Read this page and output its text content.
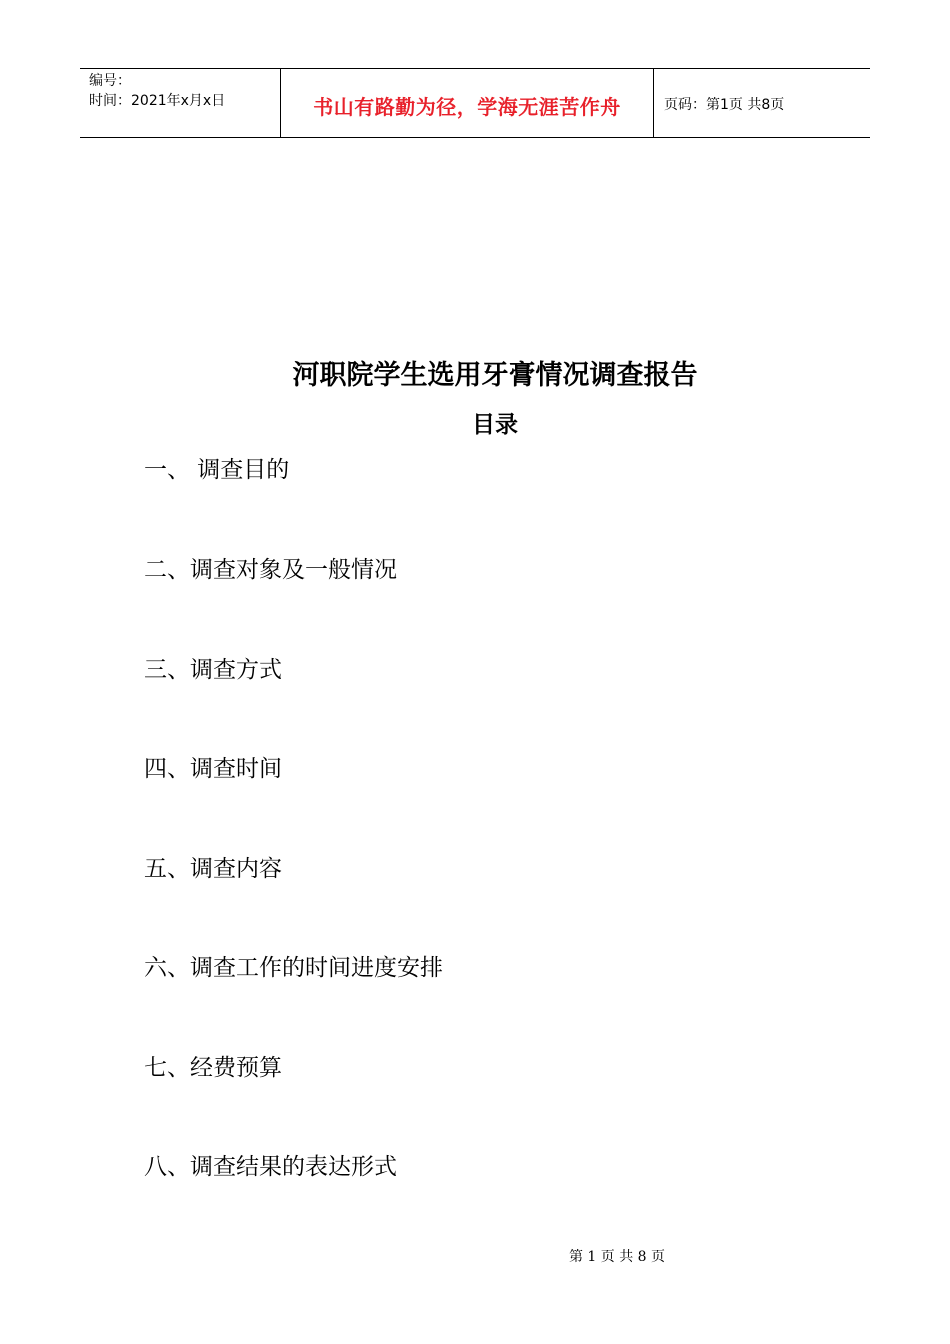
编号：
时间：2021年x月x日	书山有路勤为径，学海无涯苦作舟	页码：第1页 共8页
河职院学生选用牙膏情况调查报告
目录
一、 调查目的
二、调查对象及一般情况
三、调查方式
四、调查时间
五、调查内容
六、调查工作的时间进度安排
七、经费预算
八、调查结果的表达形式
第 1 页 共 8 页
